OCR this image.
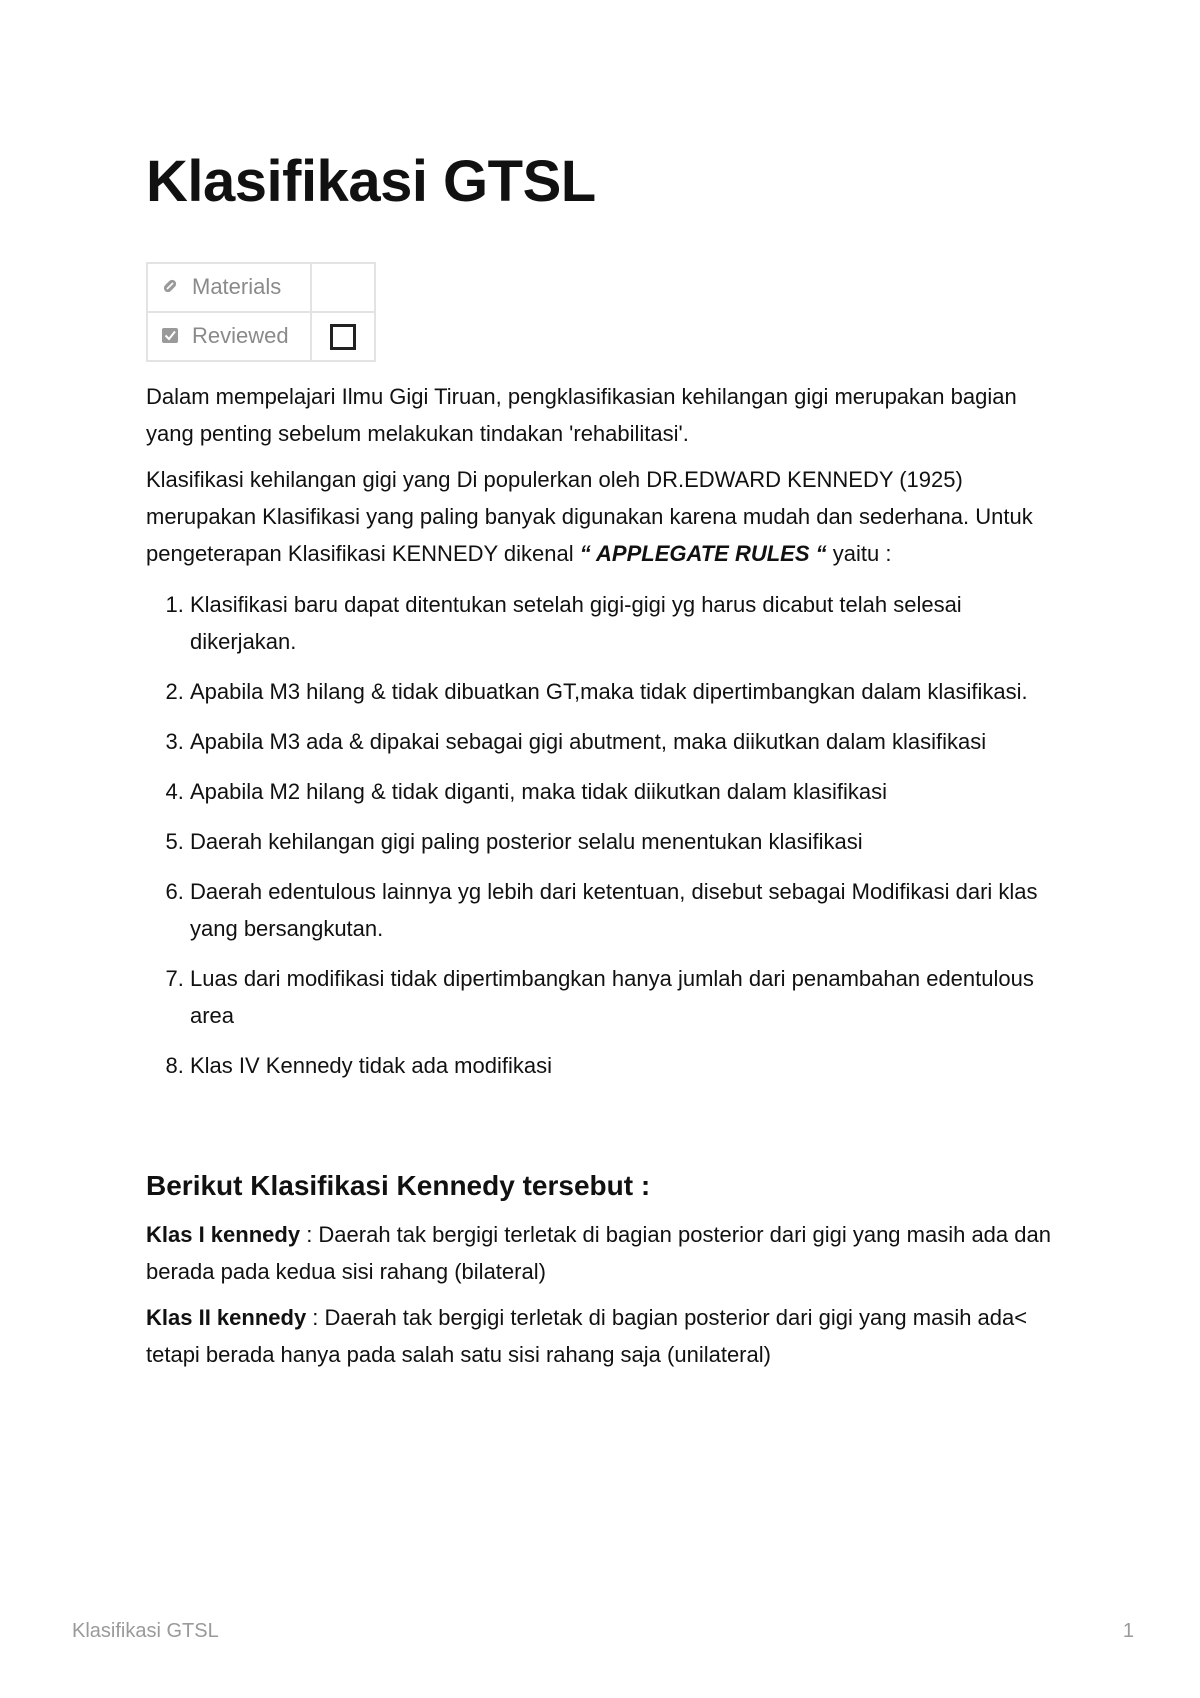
Klasifikasi GTSL
Materials	
Reviewed	

Dalam mempelajari Ilmu Gigi Tiruan, pengklasifikasian kehilangan gigi merupakan bagian yang penting sebelum melakukan tindakan 'rehabilitasi'.

Klasifikasi kehilangan gigi yang Di populerkan oleh DR.EDWARD KENNEDY (1925) merupakan Klasifikasi yang paling banyak digunakan karena mudah dan sederhana. Untuk pengeterapan Klasifikasi KENNEDY dikenal “ APPLEGATE RULES “ yaitu :

1. Klasifikasi baru dapat ditentukan setelah gigi-gigi yg harus dicabut telah selesai dikerjakan.
2. Apabila M3 hilang & tidak dibuatkan GT,maka tidak dipertimbangkan dalam klasifikasi.
3. Apabila M3 ada & dipakai sebagai gigi abutment, maka diikutkan dalam klasifikasi
4. Apabila M2 hilang & tidak diganti, maka tidak diikutkan dalam klasifikasi
5. Daerah kehilangan gigi paling posterior selalu menentukan klasifikasi
6. Daerah edentulous lainnya yg lebih dari ketentuan, disebut sebagai Modifikasi dari klas yang bersangkutan.
7. Luas dari modifikasi tidak dipertimbangkan hanya jumlah dari penambahan edentulous area
8. Klas IV Kennedy tidak ada modifikasi
Berikut Klasifikasi Kennedy tersebut :

Klas I kennedy : Daerah tak bergigi terletak di bagian posterior dari gigi yang masih ada dan berada pada kedua sisi rahang (bilateral)

Klas II kennedy : Daerah tak bergigi terletak di bagian posterior dari gigi yang masih ada< tetapi berada hanya pada salah satu sisi rahang saja (unilateral)

Klasifikasi GTSL	1
